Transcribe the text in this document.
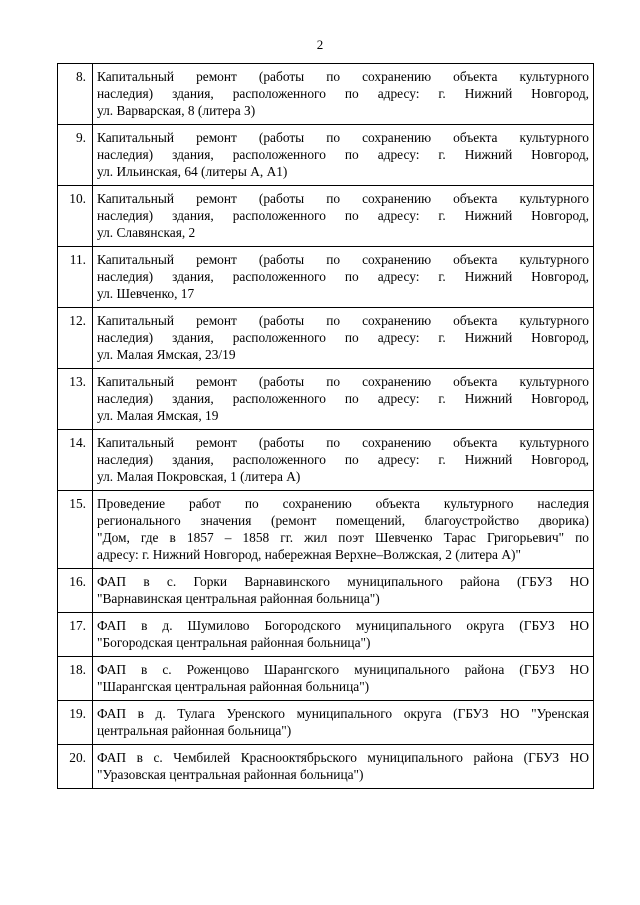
2
8.	Капитальный ремонт (работы по сохранению объекта культурного
наследия) здания, расположенного по адресу: г. Нижний Новгород,
ул. Варварская, 8 (литера З)

9.	Капитальный ремонт (работы по сохранению объекта культурного
наследия) здания, расположенного по адресу: г. Нижний Новгород,
ул. Ильинская, 64 (литеры А, А1)

10.	Капитальный ремонт (работы по сохранению объекта культурного
наследия) здания, расположенного по адресу: г. Нижний Новгород,
ул. Славянская, 2

11.	Капитальный ремонт (работы по сохранению объекта культурного
наследия) здания, расположенного по адресу: г. Нижний Новгород,
ул. Шевченко, 17

12.	Капитальный ремонт (работы по сохранению объекта культурного
наследия) здания, расположенного по адресу: г. Нижний Новгород,
ул. Малая Ямская, 23/19

13.	Капитальный ремонт (работы по сохранению объекта культурного
наследия) здания, расположенного по адресу: г. Нижний Новгород,
ул. Малая Ямская, 19

14.	Капитальный ремонт (работы по сохранению объекта культурного
наследия) здания, расположенного по адресу: г. Нижний Новгород,
ул. Малая Покровская, 1 (литера А)

15.	Проведение работ по сохранению объекта культурного наследия
регионального значения (ремонт помещений, благоустройство дворика)
"Дом, где в 1857 – 1858 гг. жил поэт Шевченко Тарас Григорьевич" по
адресу: г. Нижний Новгород, набережная Верхне–Волжская, 2 (литера А)"

16.	ФАП в с. Горки Варнавинского муниципального района (ГБУЗ НО
"Варнавинская центральная районная больница")

17.	ФАП в д. Шумилово Богородского муниципального округа (ГБУЗ НО
"Богородская центральная районная больница")

18.	ФАП в с. Роженцово Шарангского муниципального района (ГБУЗ НО
"Шарангская центральная районная больница")

19.	ФАП в д. Тулага Уренского муниципального округа (ГБУЗ НО "Уренская
центральная районная больница")

20.	ФАП в с. Чембилей Краснооктябрьского муниципального района (ГБУЗ НО
"Уразовская центральная районная больница")
